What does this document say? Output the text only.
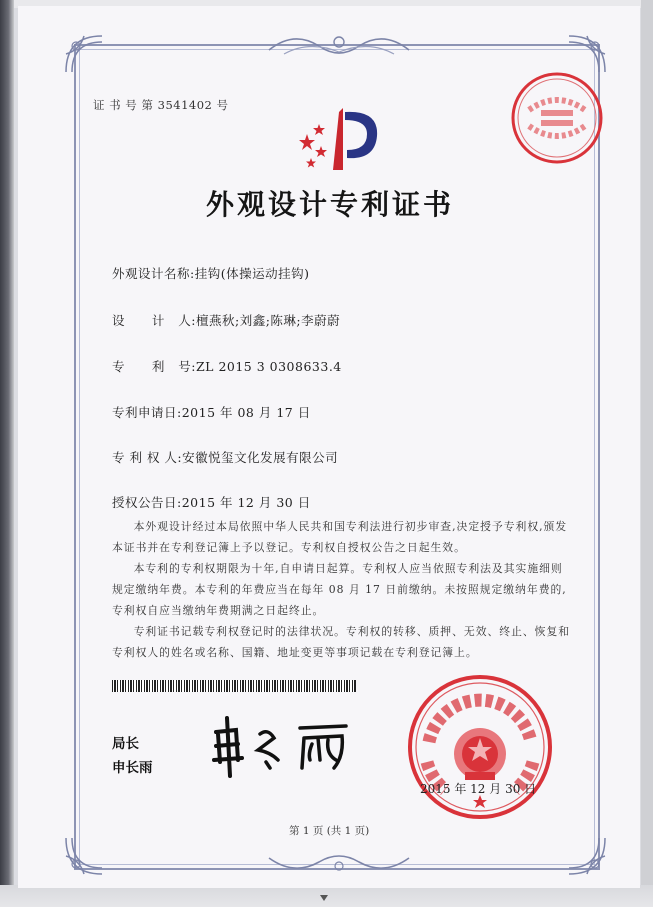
证 书 号 第 3541402 号
外观设计专利证书
外观设计名称:挂钩(体操运动挂钩)
设      计   人:檀燕秋;刘鑫;陈琳;李蔚蔚
专      利   号:ZL 2015 3 0308633.4
专利申请日:2015 年 08 月 17 日
专 利 权 人:安徽悦玺文化发展有限公司
授权公告日:2015 年 12 月 30 日

本外观设计经过本局依照中华人民共和国专利法进行初步审查,决定授予专利权,颁发本证书并在专利登记簿上予以登记。专利权自授权公告之日起生效。

本专利的专利权期限为十年,自申请日起算。专利权人应当依照专利法及其实施细则规定缴纳年费。本专利的年费应当在每年 08 月 17 日前缴纳。未按照规定缴纳年费的,专利权自应当缴纳年费期满之日起终止。

专利证书记载专利权登记时的法律状况。专利权的转移、质押、无效、终止、恢复和专利权人的姓名或名称、国籍、地址变更等事项记载在专利登记簿上。

局长
申长雨
2015 年 12 月 30 日
第 1 页 (共 1 页)
